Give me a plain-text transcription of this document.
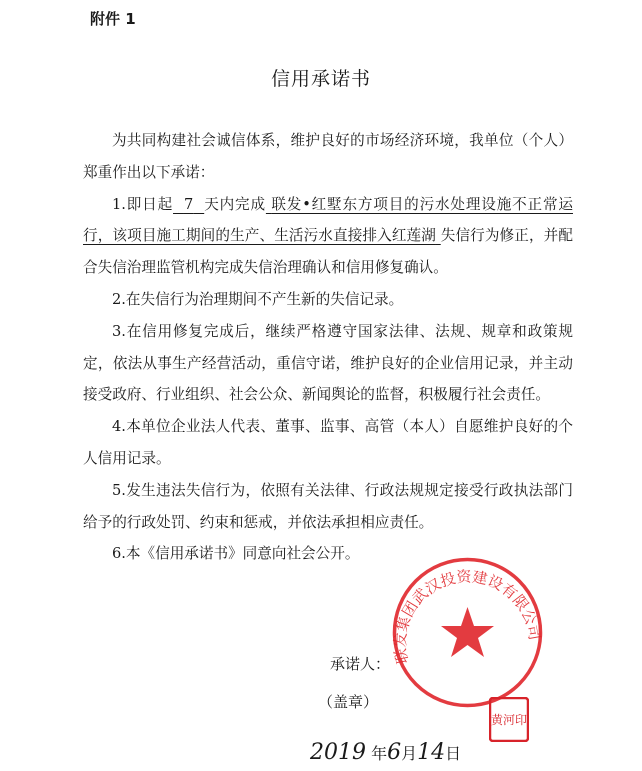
附件 1
信用承诺书

为共同构建社会诚信体系，维护良好的市场经济环境，我单位（个人）郑重作出以下承诺：

1.即日起 7 天内完成 联发•红墅东方项目的污水处理设施不正常运行，该项目施工期间的生产、生活污水直接排入红莲湖 失信行为修正，并配合失信治理监管机构完成失信治理确认和信用修复确认。

2.在失信行为治理期间不产生新的失信记录。

3.在信用修复完成后，继续严格遵守国家法律、法规、规章和政策规定，依法从事生产经营活动，重信守诺，维护良好的企业信用记录，并主动接受政府、行业组织、社会公众、新闻舆论的监督，积极履行社会责任。

4.本单位企业法人代表、董事、监事、高管（本人）自愿维护良好的个人信用记录。

5.发生违法失信行为，依照有关法律、行政法规规定接受行政执法部门给予的行政处罚、约束和惩戒，并依法承担相应责任。

6.本《信用承诺书》同意向社会公开。

承诺人：
（盖章）
2019 年6月14日
联发集团武汉投资建设有限公司
黄河印
